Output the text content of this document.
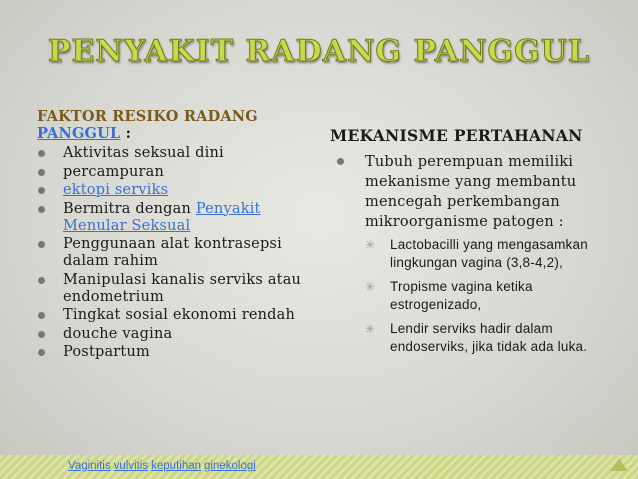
PENYAKIT RADANG PANGGUL
FAKTOR RESIKO RADANG
PANGGUL :
Aktivitas seksual dini
percampuran
ektopi serviks
Bermitra dengan Penyakit Menular Seksual
Penggunaan alat kontrasepsi dalam rahim
Manipulasi kanalis serviks atau endometrium
Tingkat sosial ekonomi rendah
douche vagina
Postpartum
MEKANISME PERTAHANAN
Tubuh perempuan memiliki mekanisme yang membantu mencegah perkembangan mikroorganisme patogen :
✳ Lactobacilli yang mengasamkan lingkungan vagina (3,8-4,2),
✳ Tropisme vagina ketika estrogenizado,
✳ Lendir serviks hadir dalam endoserviks, jika tidak ada luka.
Vaginitis vulvitis keputihan ginekologi
